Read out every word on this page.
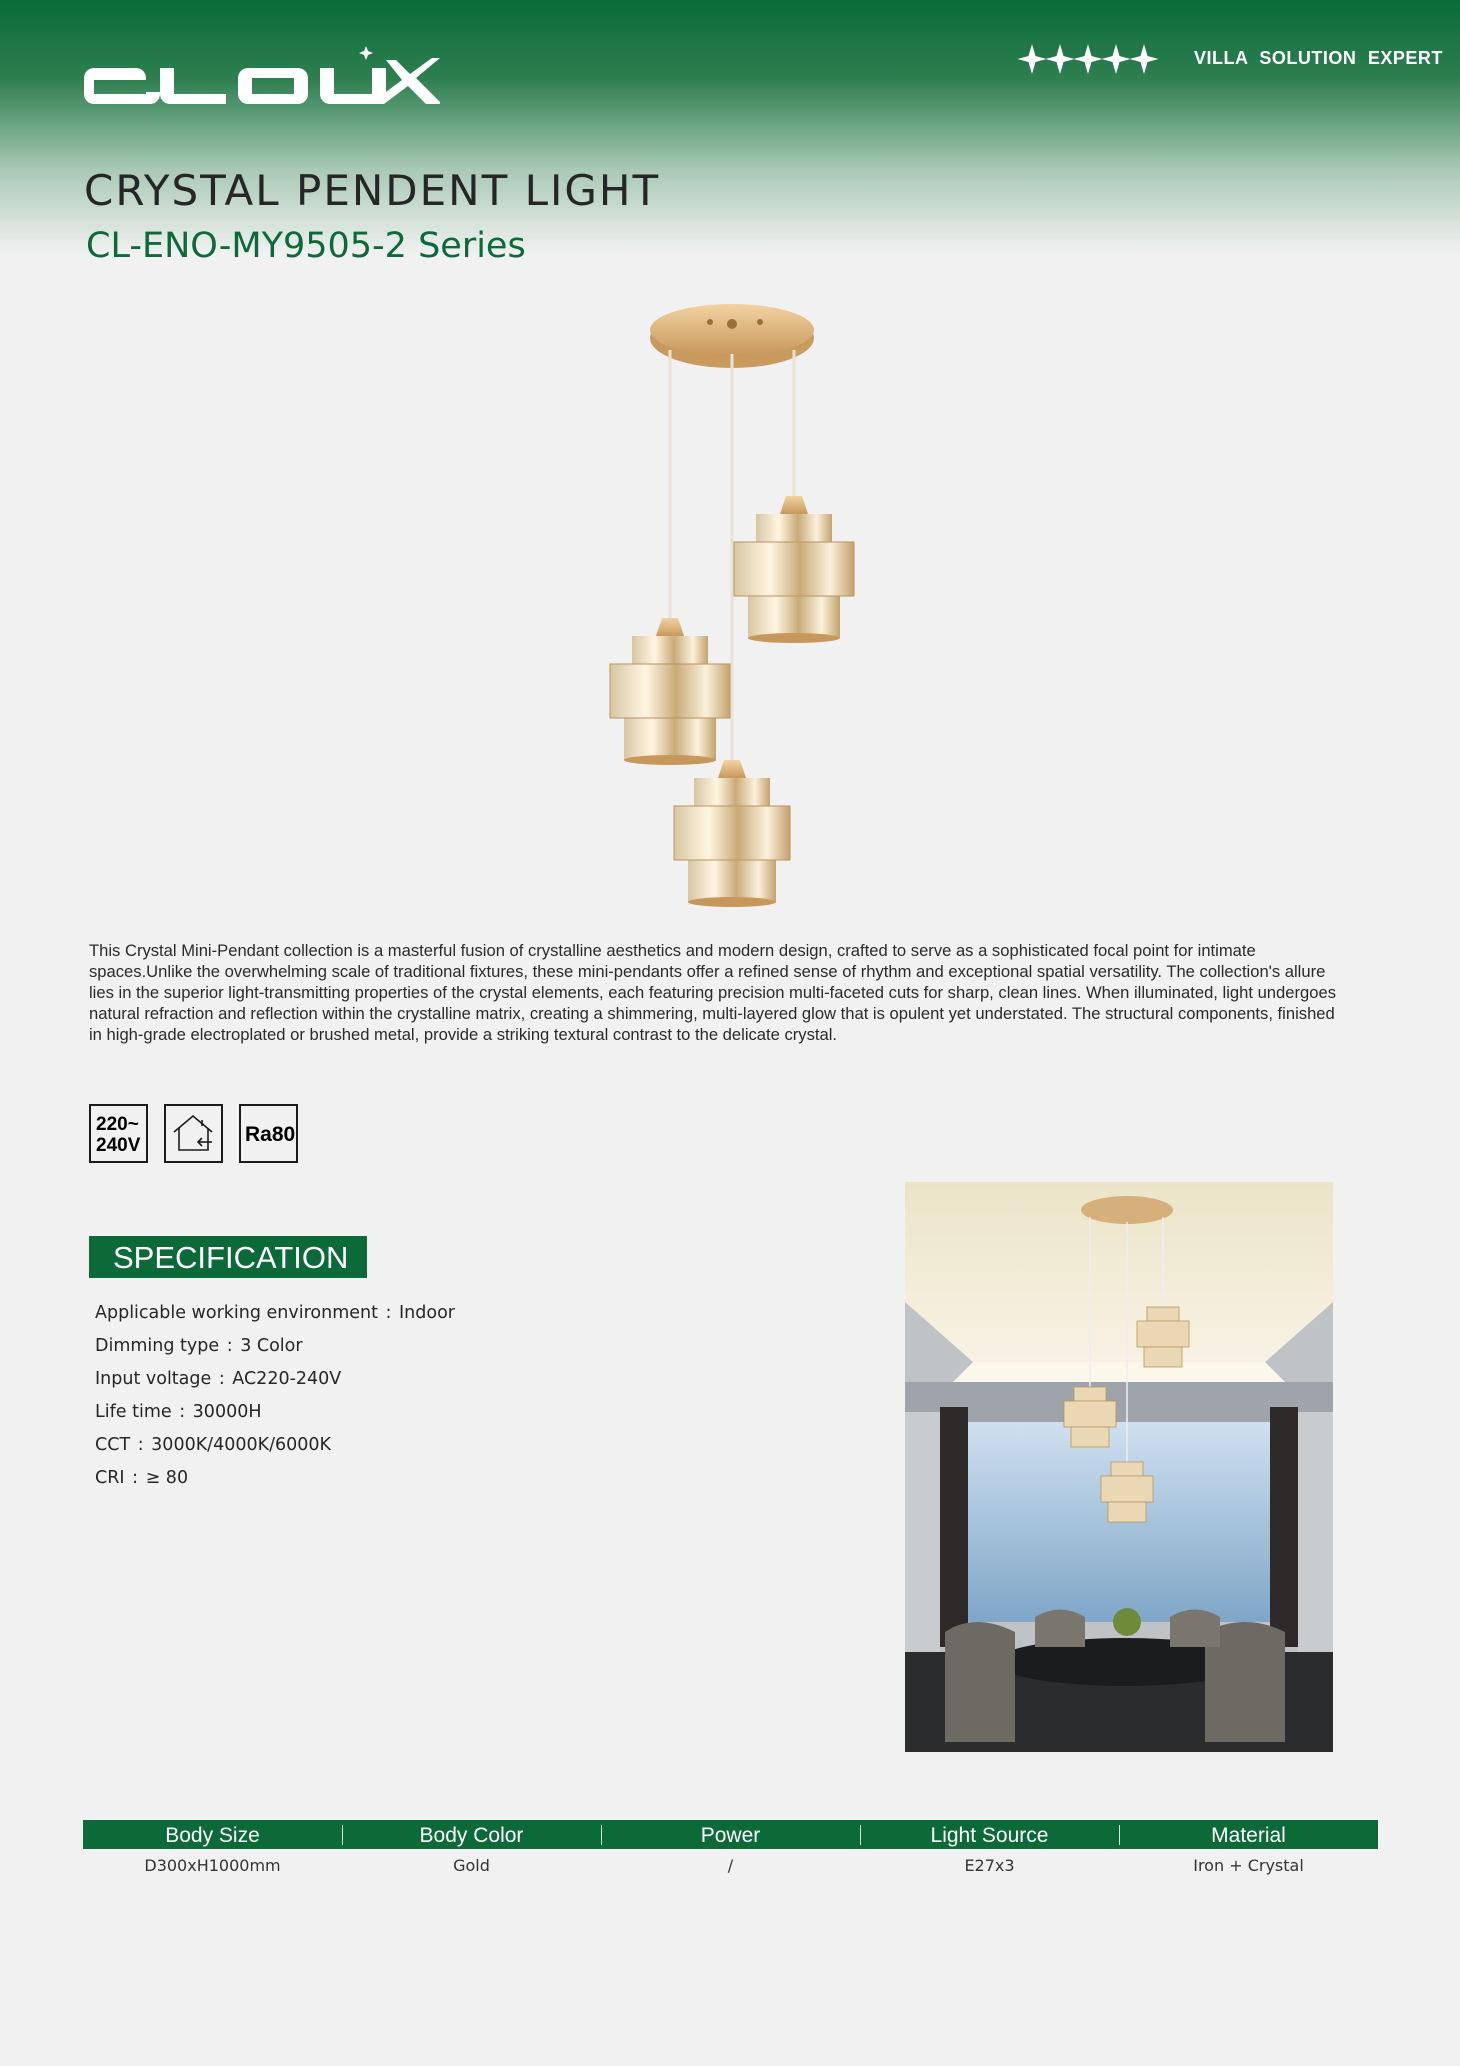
VILLA SOLUTION EXPERT
CRYSTAL PENDENT LIGHT
CL-ENO-MY9505-2 Series

This Crystal Mini-Pendant collection is a masterful fusion of crystalline aesthetics and modern design, crafted to serve as a sophisticated focal point for intimate spaces.Unlike the overwhelming scale of traditional fixtures, these mini-pendants offer a refined sense of rhythm and exceptional spatial versatility. The collection's allure lies in the superior light-transmitting properties of the crystal elements, each featuring precision multi-faceted cuts for sharp, clean lines. When illuminated, light undergoes natural refraction and reflection within the crystalline matrix, creating a shimmering, multi-layered glow that is opulent yet understated. The structural components, finished in high-grade electroplated or brushed metal, provide a striking textural contrast to the delicate crystal.

220~
240V	Ra80
SPECIFICATION
Applicable working environment : Indoor
Dimming type : 3 Color
Input voltage : AC220-240V
Life time : 30000H
CCT : 3000K/4000K/6000K
CRI : ≥ 80
Body Size	Body Color	Power	Light Source	Material
D300xH1000mm	Gold	/	E27x3	Iron + Crystal
